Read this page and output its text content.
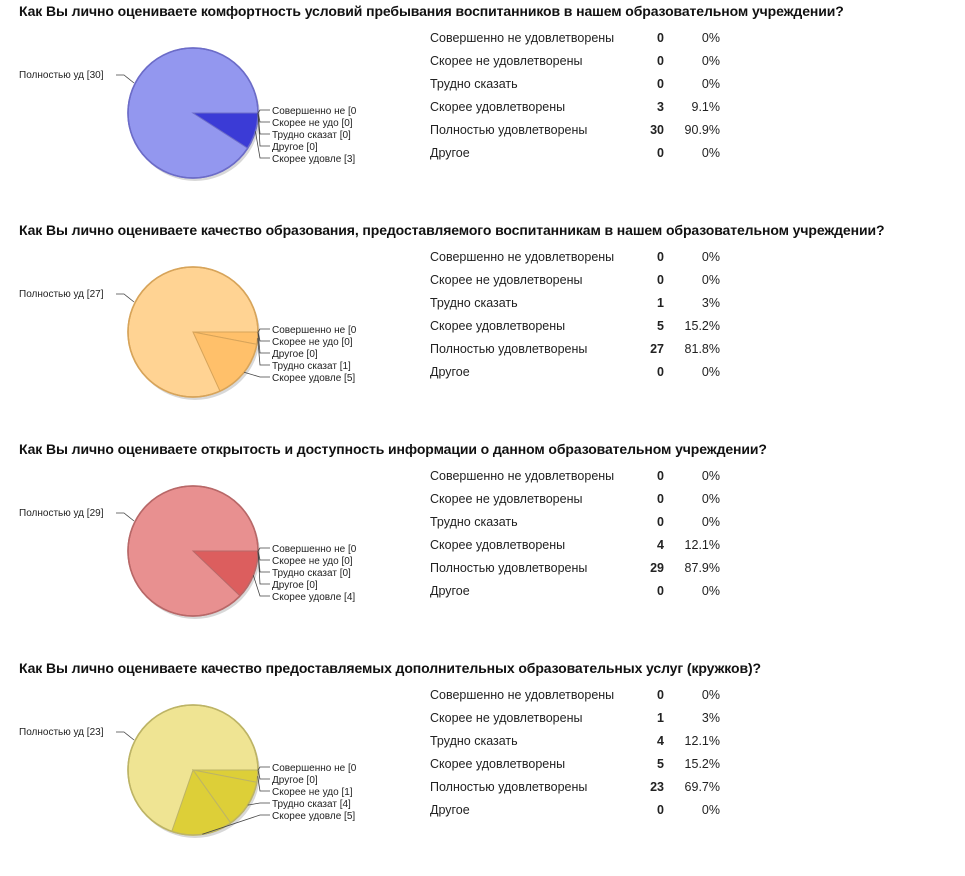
Как Вы лично оцениваете комфортность условий пребывания воспитанников в нашем образовательном учреждении?
Полностью уд [30]
Совершенно не [0
Скорее не удо [0]
Трудно сказат [0]
Другое [0]
Скорее удовле [3]
Совершенно не удовлетворены	0	0%
Скорее не удовлетворены	0	0%
Трудно сказать	0	0%
Скорее удовлетворены	3	9.1%
Полностью удовлетворены	30	90.9%
Другое	0	0%
Как Вы лично оцениваете качество образования, предоставляемого воспитанникам в нашем образовательном учреждении?
Полностью уд [27]
Совершенно не [0
Скорее не удо [0]
Другое [0]
Трудно сказат [1]
Скорее удовле [5]
Совершенно не удовлетворены	0	0%
Скорее не удовлетворены	0	0%
Трудно сказать	1	3%
Скорее удовлетворены	5	15.2%
Полностью удовлетворены	27	81.8%
Другое	0	0%
Как Вы лично оцениваете открытость и доступность информации о данном образовательном учреждении?
Полностью уд [29]
Совершенно не [0
Скорее не удо [0]
Трудно сказат [0]
Другое [0]
Скорее удовле [4]
Совершенно не удовлетворены	0	0%
Скорее не удовлетворены	0	0%
Трудно сказать	0	0%
Скорее удовлетворены	4	12.1%
Полностью удовлетворены	29	87.9%
Другое	0	0%
Как Вы лично оцениваете качество предоставляемых дополнительных образовательных услуг (кружков)?
Полностью уд [23]
Совершенно не [0
Другое [0]
Скорее не удо [1]
Трудно сказат [4]
Скорее удовле [5]
Совершенно не удовлетворены	0	0%
Скорее не удовлетворены	1	3%
Трудно сказать	4	12.1%
Скорее удовлетворены	5	15.2%
Полностью удовлетворены	23	69.7%
Другое	0	0%
